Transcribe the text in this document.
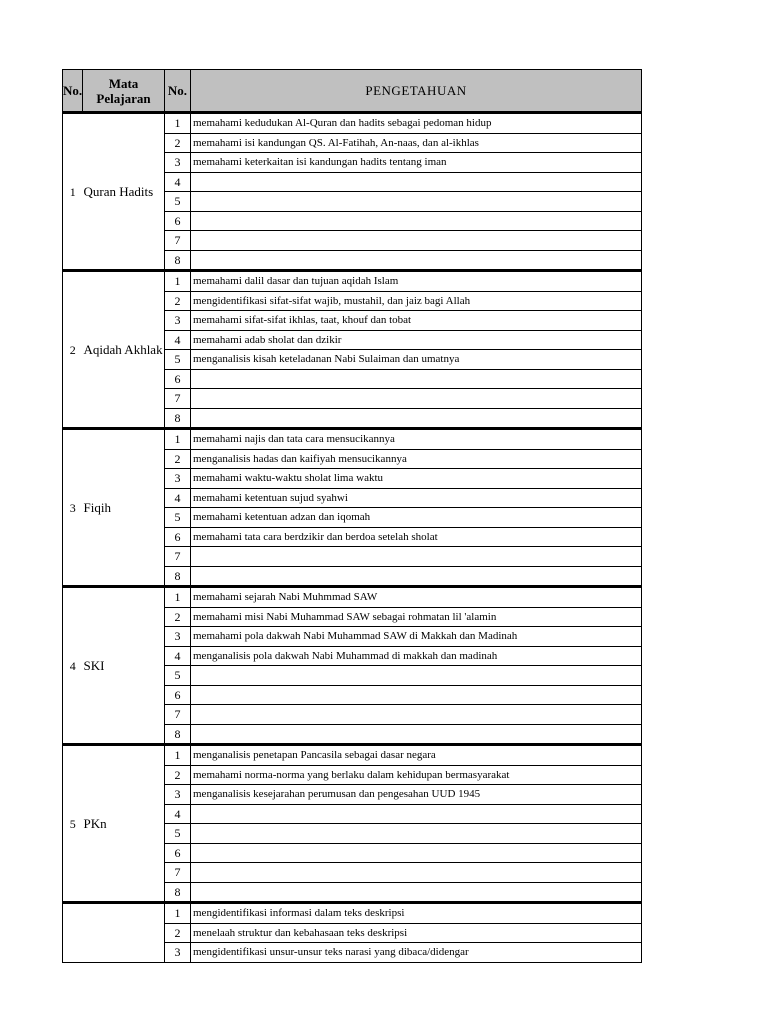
No.	Mata Pelajaran	No.	PENGETAHUAN
1	Quran Hadits	1	memahami kedudukan Al-Quran dan hadits sebagai pedoman hidup
		2	memahami isi kandungan QS. Al-Fatihah, An-naas, dan al-ikhlas
		3	memahami keterkaitan isi kandungan hadits tentang iman
		4	
		5	
		6	
		7	
		8	
2	Aqidah Akhlak	1	memahami dalil dasar dan tujuan aqidah Islam
		2	mengidentifikasi sifat-sifat wajib, mustahil, dan jaiz bagi Allah
		3	memahami sifat-sifat ikhlas, taat, khouf dan tobat
		4	memahami adab sholat dan dzikir
		5	menganalisis kisah keteladanan Nabi Sulaiman dan umatnya
		6	
		7	
		8	
3	Fiqih	1	memahami najis dan tata cara mensucikannya
		2	menganalisis hadas dan kaifiyah mensucikannya
		3	memahami waktu-waktu sholat lima waktu
		4	memahami ketentuan sujud syahwi
		5	memahami ketentuan adzan dan iqomah
		6	memahami tata cara berdzikir dan berdoa setelah sholat
		7	
		8	
4	SKI	1	memahami sejarah Nabi Muhmmad SAW
		2	memahami misi Nabi Muhammad SAW sebagai rohmatan lil 'alamin
		3	memahami pola dakwah Nabi Muhammad SAW di Makkah dan Madinah
		4	menganalisis pola dakwah Nabi Muhammad di makkah dan madinah
		5	
		6	
		7	
		8	
5	PKn	1	menganalisis penetapan Pancasila sebagai dasar negara
		2	memahami norma-norma yang berlaku dalam kehidupan bermasyarakat
		3	menganalisis kesejarahan perumusan dan pengesahan UUD 1945
		4	
		5	
		6	
		7	
		8	
		1	mengidentifikasi informasi dalam teks deskripsi
		2	menelaah struktur dan kebahasaan teks deskripsi
		3	mengidentifikasi unsur-unsur teks narasi yang dibaca/didengar
